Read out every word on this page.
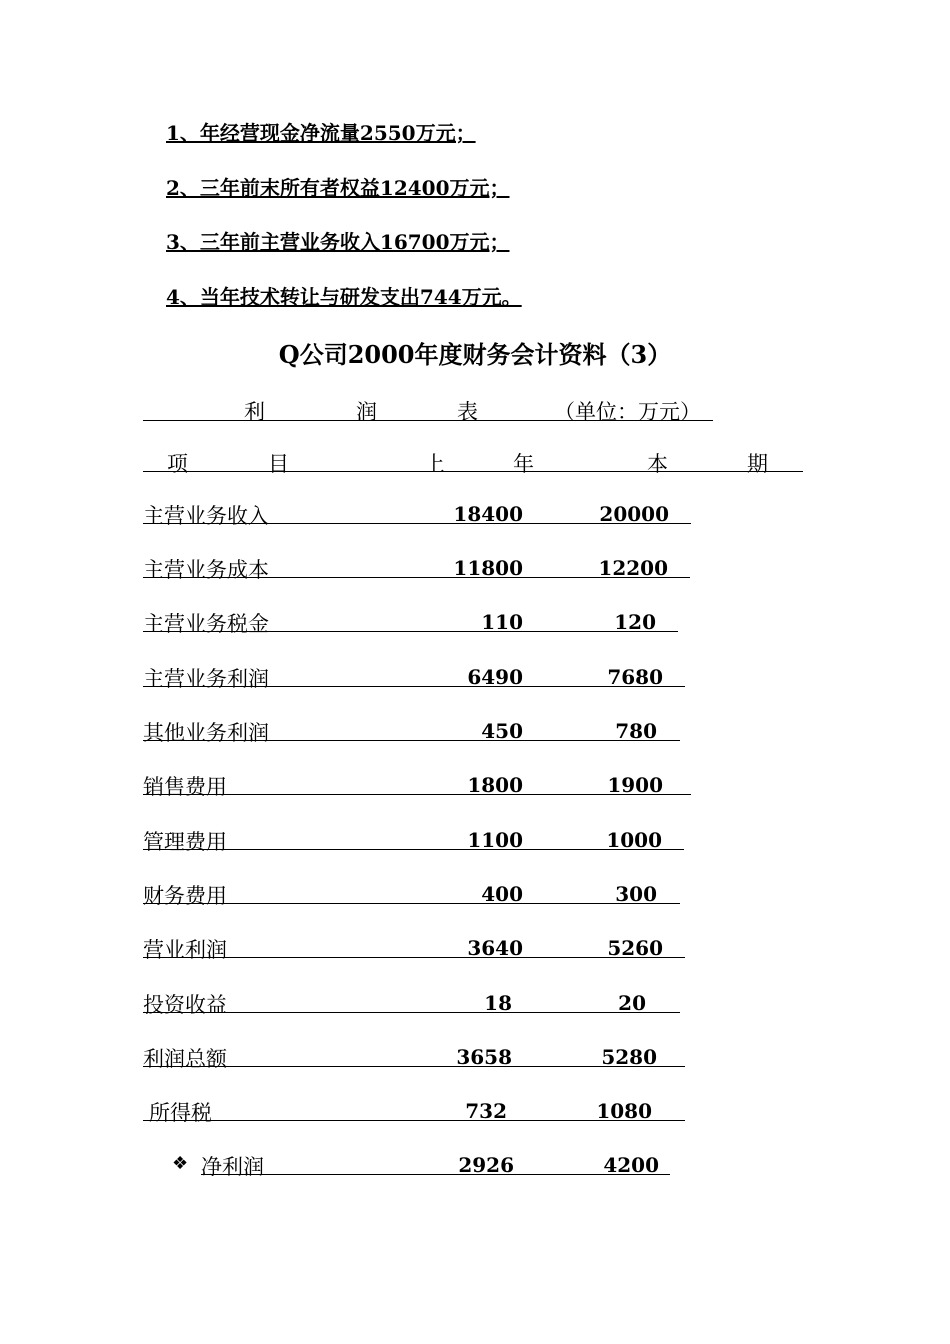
1、年经营现金净流量2550万元；
2、三年前末所有者权益12400万元；
3、三年前主营业务收入16700万元；
4、当年技术转让与研发支出744万元。
Q公司2000年度财务会计资料（3）
利	润	表	（单位：万元）
项	目	上	年	本	期
主营业务收入	18400	20000
主营业务成本	11800	12200
主营业务税金	110	120
主营业务利润	6490	7680
其他业务利润	450	780
销售费用	1800	1900
管理费用	1100	1000
财务费用	400	300
营业利润	3640	5260
投资收益	18	20
利润总额	3658	5280
所得税	732	1080
❖ 净利润	2926	4200
